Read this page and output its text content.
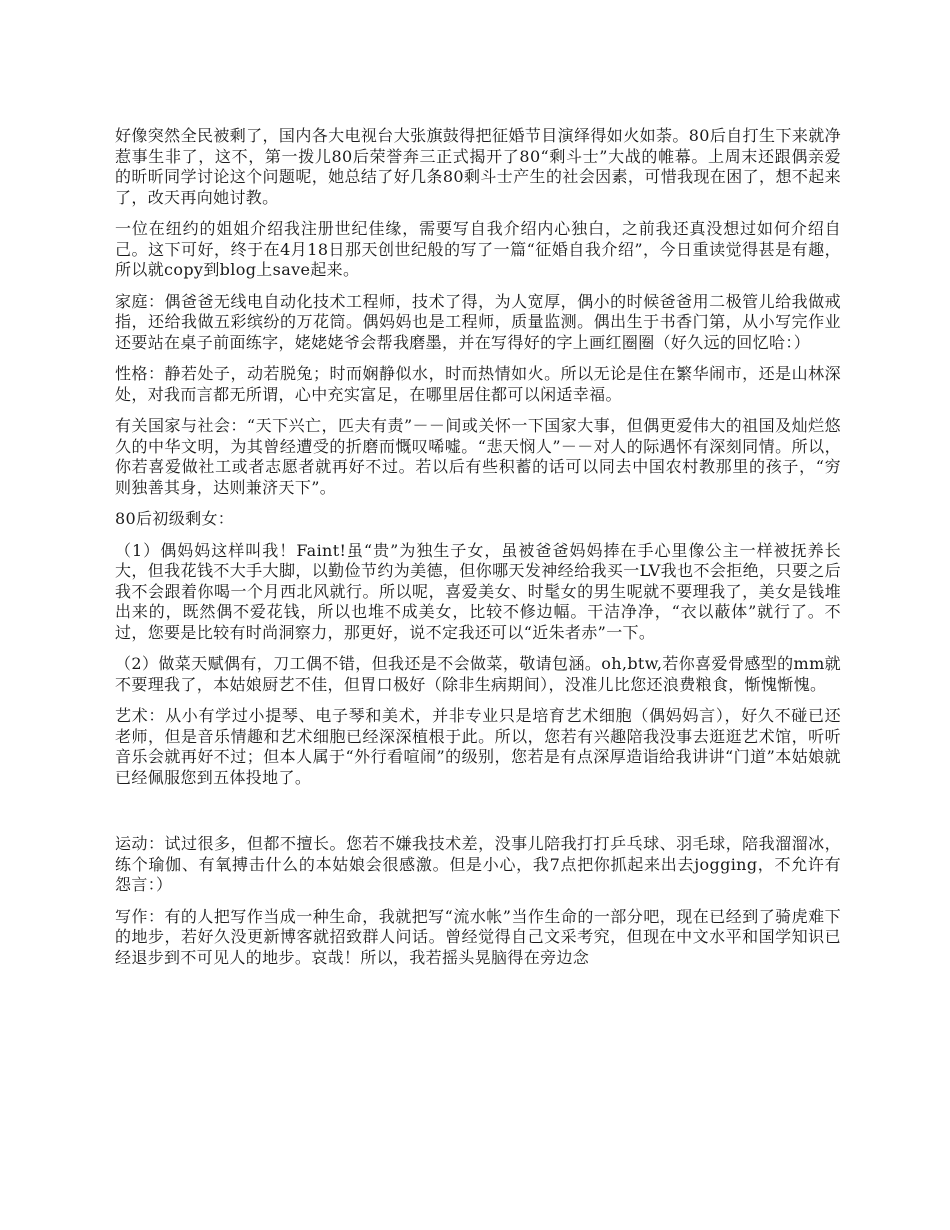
好像突然全民被剩了，国内各大电视台大张旗鼓得把征婚节目演绎得如火如荼。80后自打生下来就净惹事生非了，这不，第一拨儿80后荣誉奔三正式揭开了80“剩斗士”大战的帷幕。上周末还跟偶亲爱的昕昕同学讨论这个问题呢，她总结了好几条80剩斗士产生的社会因素，可惜我现在困了，想不起来了，改天再向她讨教。

一位在纽约的姐姐介绍我注册世纪佳缘，需要写自我介绍内心独白，之前我还真没想过如何介绍自己。这下可好，终于在4月18日那天创世纪般的写了一篇“征婚自我介绍”，今日重读觉得甚是有趣，所以就copy到blog上save起来。

家庭：偶爸爸无线电自动化技术工程师，技术了得，为人宽厚，偶小的时候爸爸用二极管儿给我做戒指，还给我做五彩缤纷的万花筒。偶妈妈也是工程师，质量监测。偶出生于书香门第，从小写完作业还要站在桌子前面练字，姥姥姥爷会帮我磨墨，并在写得好的字上画红圈圈（好久远的回忆哈：）

性格：静若处子，动若脱兔；时而娴静似水，时而热情如火。所以无论是住在繁华闹市，还是山林深处，对我而言都无所谓，心中充实富足，在哪里居住都可以闲适幸福。

有关国家与社会：“天下兴亡，匹夫有责”－－间或关怀一下国家大事，但偶更爱伟大的祖国及灿烂悠久的中华文明，为其曾经遭受的折磨而慨叹唏嘘。“悲天悯人”－－对人的际遇怀有深刻同情。所以，你若喜爱做社工或者志愿者就再好不过。若以后有些积蓄的话可以同去中国农村教那里的孩子，“穷则独善其身，达则兼济天下”。

80后初级剩女：

（1）偶妈妈这样叫我！Faint!虽“贵”为独生子女，虽被爸爸妈妈捧在手心里像公主一样被抚养长大，但我花钱不大手大脚，以勤俭节约为美德，但你哪天发神经给我买一LV我也不会拒绝，只要之后我不会跟着你喝一个月西北风就行。所以呢，喜爱美女、时髦女的男生呢就不要理我了，美女是钱堆出来的，既然偶不爱花钱，所以也堆不成美女，比较不修边幅。干洁净净，“衣以蔽体”就行了。不过，您要是比较有时尚洞察力，那更好，说不定我还可以“近朱者赤”一下。

（2）做菜天赋偶有，刀工偶不错，但我还是不会做菜，敬请包涵。oh,btw,若你喜爱骨感型的mm就不要理我了，本姑娘厨艺不佳，但胃口极好（除非生病期间），没准儿比您还浪费粮食，惭愧惭愧。

艺术：从小有学过小提琴、电子琴和美术，并非专业只是培育艺术细胞（偶妈妈言），好久不碰已还老师，但是音乐情趣和艺术细胞已经深深植根于此。所以，您若有兴趣陪我没事去逛逛艺术馆，听听音乐会就再好不过；但本人属于“外行看喧闹”的级别，您若是有点深厚造诣给我讲讲“门道”本姑娘就已经佩服您到五体投地了。

运动：试过很多，但都不擅长。您若不嫌我技术差，没事儿陪我打打乒乓球、羽毛球，陪我溜溜冰，练个瑜伽、有氧搏击什么的本姑娘会很感激。但是小心，我7点把你抓起来出去jogging，不允许有怨言：）

写作：有的人把写作当成一种生命，我就把写“流水帐”当作生命的一部分吧，现在已经到了骑虎难下的地步，若好久没更新博客就招致群人问话。曾经觉得自己文采考究，但现在中文水平和国学知识已经退步到不可见人的地步。哀哉！所以，我若摇头晃脑得在旁边念
